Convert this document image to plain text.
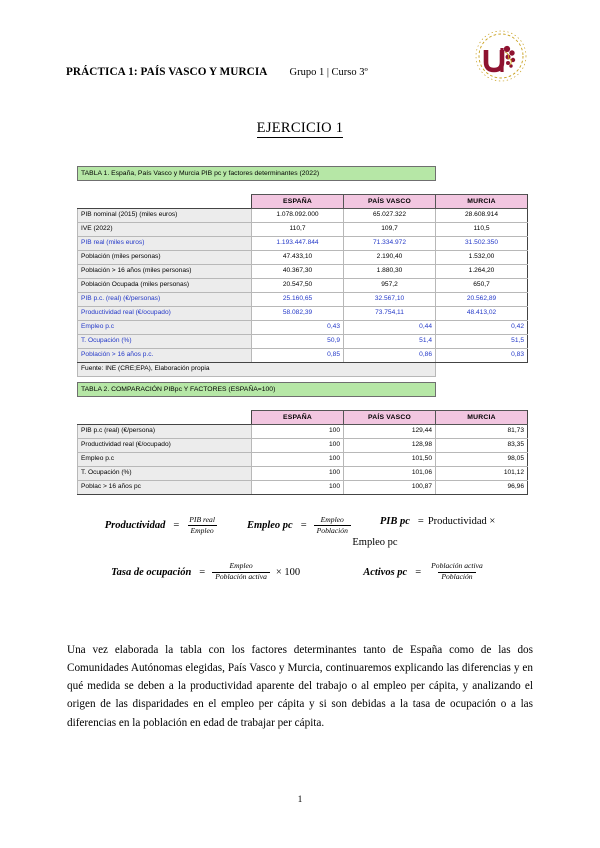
PRÁCTICA 1: PAÍS VASCO Y MURCIA Grupo 1 | Curso 3º
EJERCICIO 1
TABLA 1. España, País Vasco y Murcia PIB pc y factores determinantes (2022)			

	ESPAÑA	PAÍS VASCO	MURCIA
PIB nominal (2015) (miles euros)	1.078.092.000	65.027.322	28.608.914
IVE (2022)	110,7	109,7	110,5
PIB real (miles euros)	1.193.447.844	71.334.972	31.502.350
Población (miles personas)	47.433,10	2.190,40	1.532,00
Población > 16 años (miles personas)	40.367,30	1.880,30	1.264,20
Población Ocupada (miles personas)	20.547,50	957,2	650,7
PIB p.c. (real) (€/personas)	25.160,65	32.567,10	20.562,89
Productividad real (€/ocupado)	58.082,39	73.754,11	48.413,02
Empleo p.c	0,43	0,44	0,42
T. Ocupación (%)	50,9	51,4	51,5
Población > 16 años p.c.	0,85	0,86	0,83
Fuente: INE (CRE;EPA), Elaboración propia			
TABLA 2. COMPARACIÓN PIBpc Y FACTORES (ESPAÑA=100)			

	ESPAÑA	PAÍS VASCO	MURCIA
PIB p.c (real) (€/persona)	100	129,44	81,73
Productividad real (€/ocupado)	100	128,98	83,35
Empleo p.c	100	101,50	98,05
T. Ocupación (%)	100	101,06	101,12
Poblac > 16 años pc	100	100,87	96,96
Productividad = $\frac{\text{PIB real}}{\text{Empleo}}$	Empleo pc = $\frac{\text{Empleo}}{\text{Población}}$	PIB pc = Productividad ×
Empleo pc
Tasa de ocupación = $\frac{\text{Empleo}}{\text{Población activa}} \times 100$	Activos pc = $\frac{\text{Población activa}}{\text{Población}}$
Una vez elaborada la tabla con los factores determinantes tanto de España como de las dos Comunidades Autónomas elegidas, País Vasco y Murcia, continuaremos explicando las diferencias y en qué medida se deben a la productividad aparente del trabajo o al empleo per cápita, y analizando el origen de las disparidades en el empleo per cápita y si son debidas a la tasa de ocupación o a las diferencias en la población en edad de trabajar per cápita.
1
